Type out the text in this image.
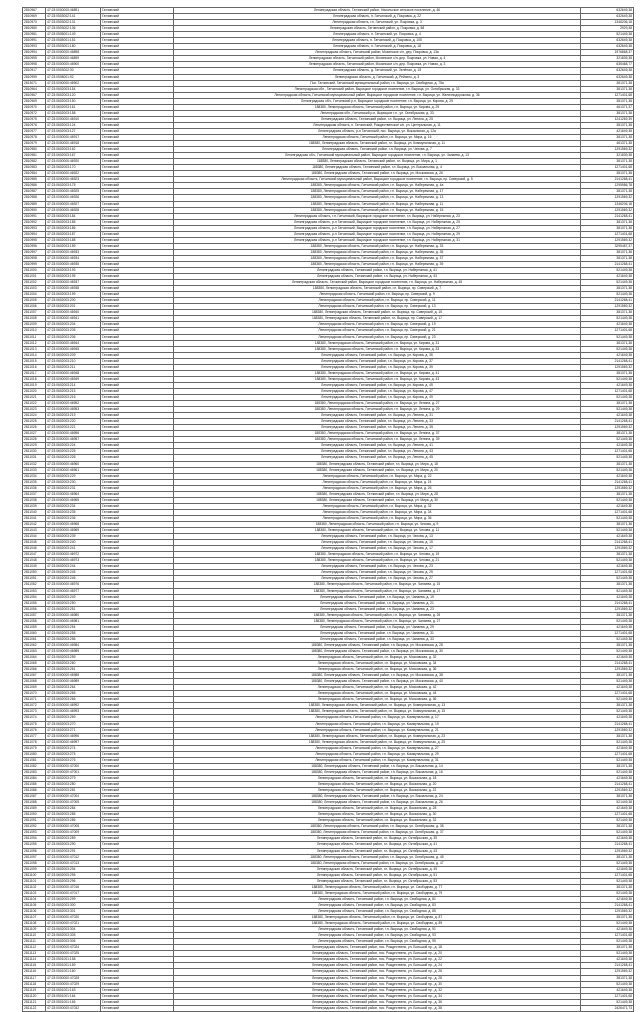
2810967	47:23:0000000:46891	Гатчинский	Ленинградская область, Гатчинский район, Никольское сельское поселение, д. 46	632649,38
2810969	47:23:0503002:141	Гатчинский	Ленинградская область, п. Гатчинский, д. Покровка, д. 22	632649,38
2810970	47:23:0503002:131	Гатчинский	Ленинградская область, г.п. Гатчинский, ул. Покровка, д. 3	1346206,18
2810980	47:23:0503002:136	Гатчинский	Ленинградская область, Гатчинский район, д. Покровка, д. 58	2929,38
2810981	47:23:0505001:149	Гатчинский	Ленинградская область, п. Гатчинский, ул. Покровка, д. 4	521449,38
2810991	47:23:0505001:151	Гатчинский	Ленинградская область, п. Гатчинский, д. Покровка, д. 105	632649,38
2810993	47:23:0503001:180	Гатчинский	Ленинградская область, п. Гатчинский, д. Покровка, д. 18	632649,38
2810994	47:23:0000000:46898	Гатчинский	Ленинградская область, Гатчинский район, Мозинское с/п, дер. Покровка, д. 13а	1976868,37
2810995	47:23:0000000:46899	Гатчинский	Ленинградская область, Гатчинский район, Мозинское с/п, дер. Покровка, ул. Новая, д. 4	321839,38
2810998	47:23:0000000:46900	Гатчинский	Ленинградская область, Гатчинский район, Мозинское с/п, дер. Покровка, ул. Новая, д. 3	635468,77
2810917	47:23:0503002:30	Гатчинский	Ленинградская область, д. Гатчинский, ул. Зелёная, д. 15	632649,38
2810999	47:23:0508001:92	Гатчинский	Ленинградская область, д. Гатчинский, д. Рейзино, д. 3	632649,38
2813071	47:23:0000000:46902	Гатчинский	Пос. Гатчинский, Гатчинский муниципальный район, г.п. Вырица, ул. Свободная, д. 75а	381371,38
2810964	47:23:0602003:154	Гатчинский	Ленинградская обл., Гатчинский район, Вырицкое городское поселение, г.п. Вырица, ул. Октябрьская, д. 33	381371,38
2810967	47:23:0602003:120	Гатчинский	Ленинградская область, Гатчинский муниципальный район, Вырицкое городское поселение, г.п. Вырица, ул. Железнодорожная, д. 36	1271401,68
2810969	47:23:0602003:150	Гатчинский	Ленинградская обл., Гатчинский р-н, Вырицкое городское поселение, г.п. Вырица, ул. Кирова, д. 29	381371,38
2810970	47:23:0602003:161	Гатчинский	188380, Ленинградская область, Гатчинский район, г.п. Вырица, ул. Кирова, д. 29	461371,37
2810972	47:23:0602003:158	Гатчинский	Ленинградская обл., Гатчинский р-н, Вырицкое г.п., ул. Октябрьская, д. 33	381371,38
2810975	47:23:0000000:46910	Гатчинский	Ленинградская область, Гатчинский район, г.п. Вырица, ул. Ленина, д. 25	1241269,39
2810976	47:23:0602003:124	Гатчинский	Ленинградская область, п. Гатчинский, Рождественское с/п, ул. Центральная, д. 11	381371,38
2810977	47:23:0602003:127	Гатчинский	Ленинградская область, р-н Гатчинский, пос. Вырица, ул. Вокзальная, д. 12а	421649,38
2810978	47:23:0000000:46917	Гатчинский	Ленинградская область, Гатчинский район, г.п. Вырица, ул. Мира, д. 16	381371,38
2810979	47:23:0000000:46918	Гатчинский	188380, Ленинградская область, Гатчинский район, г.п. Вырица, ул. Коммунальная, д. 11	461371,38
2810980	47:23:0602003:162	Гатчинский	Ленинградская область, Гатчинский район, г.п. Вырица, ул. Чехова, д. 7	1291569,32
2810981	47:23:0602003:167	Гатчинский	Ленинградская обл., Гатчинский муниципальный район, Вырицкое городское поселение, г.п. Вырица, ул. Чапаева, д. 13	321839,38
2810982	47:23:0000000:46920	Гатчинский	188380, Ленинградская область, Гатчинский район, г.п. Вырица, ул. Мира, д. 1	381371,38
2810983	47:23:0602003:170	Гатчинский	188380, Ленинградская область, Гатчинский район, г.п. Вырица, ул. Вокзальная, д. 4	1271401,68
2810984	47:23:0000000:46922	Гатчинский	188380, Ленинградская область, Гатчинский район, г.п. Вырица, ул. Московская, д. 26	381371,38
2810985	47:23:0000000:46923	Гатчинский	Ленинградская область, Гатчинский муниципальный район, Вырицкое городское поселение, г.п. Вырица, пр. Сиверский, д. 5	2141268,41
2810986	47:23:0602003:175	Гатчинский	188380, Ленинградская область, Гатчинский район, г.п. Вырица, ул. Набережная, д. 4а	1295986,78
2810987	47:23:0000000:46925	Гатчинский	188380, Ленинградская область, Гатчинский район, г.п. Вырица, ул. Набережная, д. 17	381371,38
2810988	47:23:0000000:46926	Гатчинский	188380, Ленинградская область, Гатчинский район, г.п. Вырица, ул. Набережная, д. 13	1291569,32
2810989	47:23:0000000:46927	Гатчинский	188380, Ленинградская область, Гатчинский район, г.п. Вырица, ул. Набережная, д. 11	1346206,18
2810990	47:23:0000000:46928	Гатчинский	188380, Ленинградская область, Гатчинский район, г.п. Вырица, ул. Набережная, д. 15	1291569,32
2810991	47:23:0602003:184	Гатчинский	Ленинградская область, г.п. Гатчинский, Вырицкое городское поселение, г.п. Вырица, ул. Набережная, д. 23	2141268,41
2810992	47:23:0602003:185	Гатчинский	Ленинградская область, р-н Гатчинский, Вырицкое городское поселение, г.п. Вырица, ул. Набережная, д. 25	381371,38
2810993	47:23:0602003:186	Гатчинский	Ленинградская область, р-н Гатчинский, Вырицкое городское поселение, г.п. Вырица, ул. Набережная, д. 27	381371,38
2810994	47:23:0602003:187	Гатчинский	Ленинградская область, р-н Гатчинский, Вырицкое городское поселение, г.п. Вырица, ул. Набережная, д. 29	1271401,68
2810995	47:23:0602003:188	Гатчинский	Ленинградская область, р-н Гатчинский, Вырицкое городское поселение, г.п. Вырица, ул. Набережная, д. 31	1291569,32
2810996	47:23:0602003:189	Гатчинский	188380, Ленинградская область, Гатчинский район, г.п. Вырица, ул. Набережная, д. 33	3295487,37
2810997	47:23:0000000:46933	Гатчинский	188380, Ленинградская область, Гатчинский район, г.п. Вырица, ул. Набережная, д. 35	381371,38
2810998	47:23:0000000:46934	Гатчинский	188380, Ленинградская область, Гатчинский район, г.п. Вырица, ул. Набережная, д. 37	381371,38
2810999	47:23:0000000:46935	Гатчинский	188380, Ленинградская область, Гатчинский район, г.п. Вырица, ул. Набережная, д. 39	2141268,41
2811000	47:23:0602003:193	Гатчинский	Ленинградская область, Гатчинский район, г.п. Вырица, ул. Набережная, д. 41	521449,38
2811001	47:23:0602003:195	Гатчинский	Ленинградская область, Гатчинский район, г.п. Вырица, ул. Набережная, д. 43	421649,38
2811002	47:23:0000000:46937	Гатчинский	Ленинградская область, Гатчинский район, Вырицкое городское поселение, г.п. Вырица, ул. Набережная, д. 45	521449,38
2811003	47:23:0000000:46938	Гатчинский	188380, Ленинградская область, Гатчинский район, г.п. Вырица, пр. Сиверский, д. 7	381371,38
2811004	47:23:0602003:199	Гатчинский	Ленинградская область, Гатчинский район, г.п. Вырица, пр. Сиверский, д. 9	521449,38
2811005	47:23:0602003:200	Гатчинский	Ленинградская область, Гатчинский район, г.п. Вырица, пр. Сиверский, д. 11	2141268,41
2811006	47:23:0602003:201	Гатчинский	Ленинградская область, Гатчинский район, г.п. Вырица, пр. Сиверский, д. 13	1291569,32
2811007	47:23:0000000:46940	Гатчинский	188380, Ленинградская область, Гатчинский район, г.п. Вырица, пр. Сиверский, д. 15	381371,38
2811008	47:23:0000000:46941	Гатчинский	188380, Ленинградская область, Гатчинский район, г.п. Вырица, пр. Сиверский, д. 17	521449,38
2811009	47:23:0602003:204	Гатчинский	Ленинградская область, Гатчинский район, г.п. Вырица, пр. Сиверский, д. 19	421649,38
2811010	47:23:0602003:205	Гатчинский	Ленинградская область, Гатчинский район, г.п. Вырица, пр. Сиверский, д. 21	1271401,68
2811011	47:23:0602003:206	Гатчинский	Ленинградская область, Гатчинский район, г.п. Вырица, пр. Сиверский, д. 23	521449,38
2811012	47:23:0000000:46944	Гатчинский	188380, Ленинградская область, Гатчинский район, г.п. Вырица, ул. Кирова, д. 31	381371,38
2811013	47:23:0000000:46945	Гатчинский	188380, Ленинградская область, Гатчинский район, г.п. Вырица, ул. Кирова, д. 33	521449,38
2811014	47:23:0602003:209	Гатчинский	Ленинградская область, Гатчинский район, г.п. Вырица, ул. Кирова, д. 35	421649,38
2811015	47:23:0602003:210	Гатчинский	Ленинградская область, Гатчинский район, г.п. Вырица, ул. Кирова, д. 37	2141268,41
2811016	47:23:0602003:211	Гатчинский	Ленинградская область, Гатчинский район, г.п. Вырица, ул. Кирова, д. 39	1291569,32
2811017	47:23:0000000:46948	Гатчинский	188380, Ленинградская область, Гатчинский район, г.п. Вырица, ул. Кирова, д. 41	381371,38
2811018	47:23:0000000:46949	Гатчинский	188380, Ленинградская область, Гатчинский район, г.п. Вырица, ул. Кирова, д. 43	521449,38
2811019	47:23:0602003:214	Гатчинский	Ленинградская область, Гатчинский район, г.п. Вырица, ул. Кирова, д. 45	421649,38
2811020	47:23:0602003:215	Гатчинский	Ленинградская область, Гатчинский район, г.п. Вырица, ул. Кирова, д. 47	1271401,68
2811021	47:23:0602003:216	Гатчинский	Ленинградская область, Гатчинский район, г.п. Вырица, ул. Кирова, д. 49	521449,38
2811022	47:23:0000000:46952	Гатчинский	188380, Ленинградская область, Гатчинский район, г.п. Вырица, ул. Ленина, д. 27	381371,38
2811023	47:23:0000000:46953	Гатчинский	188380, Ленинградская область, Гатчинский район, г.п. Вырица, ул. Ленина, д. 29	521449,38
2811024	47:23:0602003:219	Гатчинский	Ленинградская область, Гатчинский район, г.п. Вырица, ул. Ленина, д. 31	421649,38
2811025	47:23:0602003:220	Гатчинский	Ленинградская область, Гатчинский район, г.п. Вырица, ул. Ленина, д. 33	2141268,41
2811026	47:23:0602003:221	Гатчинский	Ленинградская область, Гатчинский район, г.п. Вырица, ул. Ленина, д. 35	1291569,32
2811027	47:23:0000000:46956	Гатчинский	188380, Ленинградская область, Гатчинский район, г.п. Вырица, ул. Ленина, д. 37	381371,38
2811028	47:23:0000000:46957	Гатчинский	188380, Ленинградская область, Гатчинский район, г.п. Вырица, ул. Ленина, д. 39	521449,38
2811029	47:23:0602003:224	Гатчинский	Ленинградская область, Гатчинский район, г.п. Вырица, ул. Ленина, д. 41	421649,38
2811030	47:23:0602003:225	Гатчинский	Ленинградская область, Гатчинский район, г.п. Вырица, ул. Ленина, д. 43	1271401,68
2811031	47:23:0602003:226	Гатчинский	Ленинградская область, Гатчинский район, г.п. Вырица, ул. Ленина, д. 45	521449,38
2811032	47:23:0000000:46960	Гатчинский	188380, Ленинградская область, Гатчинский район, г.п. Вырица, ул. Мира, д. 18	381371,38
2811033	47:23:0000000:46961	Гатчинский	188380, Ленинградская область, Гатчинский район, г.п. Вырица, ул. Мира, д. 20	521449,38
2811034	47:23:0602003:229	Гатчинский	Ленинградская область, Гатчинский район, г.п. Вырица, ул. Мира, д. 22	421649,38
2811035	47:23:0602003:230	Гатчинский	Ленинградская область, Гатчинский район, г.п. Вырица, ул. Мира, д. 24	2141268,41
2811036	47:23:0602003:231	Гатчинский	Ленинградская область, Гатчинский район, г.п. Вырица, ул. Мира, д. 26	1291569,32
2811037	47:23:0000000:46964	Гатчинский	188380, Ленинградская область, Гатчинский район, г.п. Вырица, ул. Мира, д. 28	381371,38
2811038	47:23:0000000:46965	Гатчинский	188380, Ленинградская область, Гатчинский район, г.п. Вырица, ул. Мира, д. 30	521449,38
2811039	47:23:0602003:234	Гатчинский	Ленинградская область, Гатчинский район, г.п. Вырица, ул. Мира, д. 32	421649,38
2811040	47:23:0602003:235	Гатчинский	Ленинградская область, Гатчинский район, г.п. Вырица, ул. Мира, д. 34	1271401,68
2811041	47:23:0602003:236	Гатчинский	Ленинградская область, Гатчинский район, г.п. Вырица, ул. Мира, д. 36	521449,38
2811042	47:23:0000000:46968	Гатчинский	188380, Ленинградская область, Гатчинский район, г.п. Вырица, ул. Чехова, д. 9	381371,38
2811043	47:23:0000000:46969	Гатчинский	188380, Ленинградская область, Гатчинский район, г.п. Вырица, ул. Чехова, д. 11	521449,38
2811044	47:23:0602003:239	Гатчинский	Ленинградская область, Гатчинский район, г.п. Вырица, ул. Чехова, д. 13	421649,38
2811045	47:23:0602003:240	Гатчинский	Ленинградская область, Гатчинский район, г.п. Вырица, ул. Чехова, д. 15	2141268,41
2811046	47:23:0602003:241	Гатчинский	Ленинградская область, Гатчинский район, г.п. Вырица, ул. Чехова, д. 17	1291569,32
2811047	47:23:0000000:46972	Гатчинский	188380, Ленинградская область, Гатчинский район, г.п. Вырица, ул. Чехова, д. 19	381371,38
2811048	47:23:0000000:46973	Гатчинский	188380, Ленинградская область, Гатчинский район, г.п. Вырица, ул. Чехова, д. 21	521449,38
2811049	47:23:0602003:244	Гатчинский	Ленинградская область, Гатчинский район, г.п. Вырица, ул. Чехова, д. 23	421649,38
2811050	47:23:0602003:245	Гатчинский	Ленинградская область, Гатчинский район, г.п. Вырица, ул. Чехова, д. 25	1271401,68
2811051	47:23:0602003:246	Гатчинский	Ленинградская область, Гатчинский район, г.п. Вырица, ул. Чехова, д. 27	521449,38
2811052	47:23:0000000:46976	Гатчинский	188380, Ленинградская область, Гатчинский район, г.п. Вырица, ул. Чапаева, д. 15	381371,38
2811053	47:23:0000000:46977	Гатчинский	188380, Ленинградская область, Гатчинский район, г.п. Вырица, ул. Чапаева, д. 17	521449,38
2811054	47:23:0602003:249	Гатчинский	Ленинградская область, Гатчинский район, г.п. Вырица, ул. Чапаева, д. 19	421649,38
2811055	47:23:0602003:250	Гатчинский	Ленинградская область, Гатчинский район, г.п. Вырица, ул. Чапаева, д. 21	2141268,41
2811056	47:23:0602003:251	Гатчинский	Ленинградская область, Гатчинский район, г.п. Вырица, ул. Чапаева, д. 23	1291569,32
2811057	47:23:0000000:46980	Гатчинский	188380, Ленинградская область, Гатчинский район, г.п. Вырица, ул. Чапаева, д. 25	381371,38
2811058	47:23:0000000:46981	Гатчинский	188380, Ленинградская область, Гатчинский район, г.п. Вырица, ул. Чапаева, д. 27	521449,38
2811059	47:23:0602003:254	Гатчинский	Ленинградская область, Гатчинский район, г.п. Вырица, ул. Чапаева, д. 29	421649,38
2811060	47:23:0602003:255	Гатчинский	Ленинградская область, Гатчинский район, г.п. Вырица, ул. Чапаева, д. 31	1271401,68
2811061	47:23:0602003:256	Гатчинский	Ленинградская область, Гатчинский район, г.п. Вырица, ул. Чапаева, д. 33	521449,38
2811062	47:23:0000000:46984	Гатчинский	188380, Ленинградская область, Гатчинский район, г.п. Вырица, ул. Московская, д. 28	381371,38
2811063	47:23:0000000:46985	Гатчинский	188380, Ленинградская область, Гатчинский район, г.п. Вырица, ул. Московская, д. 30	521449,38
2811064	47:23:0602003:259	Гатчинский	Ленинградская область, Гатчинский район, г.п. Вырица, ул. Московская, д. 32	421649,38
2811065	47:23:0602003:260	Гатчинский	Ленинградская область, Гатчинский район, г.п. Вырица, ул. Московская, д. 34	2141268,41
2811066	47:23:0602003:261	Гатчинский	Ленинградская область, Гатчинский район, г.п. Вырица, ул. Московская, д. 36	1291569,32
2811067	47:23:0000000:46988	Гатчинский	188380, Ленинградская область, Гатчинский район, г.п. Вырица, ул. Московская, д. 38	381371,38
2811068	47:23:0000000:46989	Гатчинский	188380, Ленинградская область, Гатчинский район, г.п. Вырица, ул. Московская, д. 40	521449,38
2811069	47:23:0602003:264	Гатчинский	Ленинградская область, Гатчинский район, г.п. Вырица, ул. Московская, д. 42	421649,38
2811070	47:23:0602003:265	Гатчинский	Ленинградская область, Гатчинский район, г.п. Вырица, ул. Московская, д. 44	1271401,68
2811071	47:23:0602003:266	Гатчинский	Ленинградская область, Гатчинский район, г.п. Вырица, ул. Московская, д. 46	521449,38
2811072	47:23:0000000:46992	Гатчинский	188380, Ленинградская область, Гатчинский район, г.п. Вырица, ул. Коммунальная, д. 13	381371,38
2811073	47:23:0000000:46993	Гатчинский	188380, Ленинградская область, Гатчинский район, г.п. Вырица, ул. Коммунальная, д. 15	521449,38
2811074	47:23:0602003:269	Гатчинский	Ленинградская область, Гатчинский район, г.п. Вырица, ул. Коммунальная, д. 17	421649,38
2811075	47:23:0602003:270	Гатчинский	Ленинградская область, Гатчинский район, г.п. Вырица, ул. Коммунальная, д. 19	2141268,41
2811076	47:23:0602003:271	Гатчинский	Ленинградская область, Гатчинский район, г.п. Вырица, ул. Коммунальная, д. 21	1291569,32
2811077	47:23:0000000:46996	Гатчинский	188380, Ленинградская область, Гатчинский район, г.п. Вырица, ул. Коммунальная, д. 23	381371,38
2811078	47:23:0000000:46997	Гатчинский	188380, Ленинградская область, Гатчинский район, г.п. Вырица, ул. Коммунальная, д. 25	521449,38
2811079	47:23:0602003:274	Гатчинский	Ленинградская область, Гатчинский район, г.п. Вырица, ул. Коммунальная, д. 27	421649,38
2811080	47:23:0602003:275	Гатчинский	Ленинградская область, Гатчинский район, г.п. Вырица, ул. Коммунальная, д. 29	1271401,68
2811081	47:23:0602003:276	Гатчинский	Ленинградская область, Гатчинский район, г.п. Вырица, ул. Коммунальная, д. 31	521449,38
2811082	47:23:0000000:47000	Гатчинский	188380, Ленинградская область, Гатчинский район, г.п. Вырица, ул. Вокзальная, д. 14	381371,38
2811083	47:23:0000000:47001	Гатчинский	188380, Ленинградская область, Гатчинский район, г.п. Вырица, ул. Вокзальная, д. 16	521449,38
2811084	47:23:0602003:279	Гатчинский	Ленинградская область, Гатчинский район, г.п. Вырица, ул. Вокзальная, д. 18	421649,38
2811085	47:23:0602003:280	Гатчинский	Ленинградская область, Гатчинский район, г.п. Вырица, ул. Вокзальная, д. 20	2141268,41
2811086	47:23:0602003:281	Гатчинский	Ленинградская область, Гатчинский район, г.п. Вырица, ул. Вокзальная, д. 22	1291569,32
2811087	47:23:0000000:47004	Гатчинский	188380, Ленинградская область, Гатчинский район, г.п. Вырица, ул. Вокзальная, д. 24	381371,38
2811088	47:23:0000000:47005	Гатчинский	188380, Ленинградская область, Гатчинский район, г.п. Вырица, ул. Вокзальная, д. 26	521449,38
2811089	47:23:0602003:284	Гатчинский	Ленинградская область, Гатчинский район, г.п. Вырица, ул. Вокзальная, д. 28	421649,38
2811090	47:23:0602003:285	Гатчинский	Ленинградская область, Гатчинский район, г.п. Вырица, ул. Вокзальная, д. 30	1271401,68
2811091	47:23:0602003:286	Гатчинский	Ленинградская область, Гатчинский район, г.п. Вырица, ул. Вокзальная, д. 32	521449,38
2811092	47:23:0000000:47008	Гатчинский	188380, Ленинградская область, Гатчинский район, г.п. Вырица, ул. Октябрьская, д. 35	381371,38
2811093	47:23:0000000:47009	Гатчинский	188380, Ленинградская область, Гатчинский район, г.п. Вырица, ул. Октябрьская, д. 37	521449,38
2811094	47:23:0602003:289	Гатчинский	Ленинградская область, Гатчинский район, г.п. Вырица, ул. Октябрьская, д. 39	421649,38
2811095	47:23:0602003:290	Гатчинский	Ленинградская область, Гатчинский район, г.п. Вырица, ул. Октябрьская, д. 41	2141268,41
2811096	47:23:0602003:291	Гатчинский	Ленинградская область, Гатчинский район, г.п. Вырица, ул. Октябрьская, д. 43	1291569,32
2811097	47:23:0000000:47012	Гатчинский	188380, Ленинградская область, Гатчинский район, г.п. Вырица, ул. Октябрьская, д. 45	381371,38
2811098	47:23:0000000:47013	Гатчинский	188380, Ленинградская область, Гатчинский район, г.п. Вырица, ул. Октябрьская, д. 47	521449,38
2811099	47:23:0602003:294	Гатчинский	Ленинградская область, Гатчинский район, г.п. Вырица, ул. Октябрьская, д. 49	421649,38
2811100	47:23:0602003:295	Гатчинский	Ленинградская область, Гатчинский район, г.п. Вырица, ул. Октябрьская, д. 51	1271401,68
2811101	47:23:0602003:296	Гатчинский	Ленинградская область, Гатчинский район, г.п. Вырица, ул. Октябрьская, д. 53	521449,38
2811102	47:23:0000000:47016	Гатчинский	188380, Ленинградская область, Гатчинский район, г.п. Вырица, ул. Свободная, д. 77	381371,38
2811103	47:23:0000000:47017	Гатчинский	188380, Ленинградская область, Гатчинский район, г.п. Вырица, ул. Свободная, д. 79	521449,38
2811104	47:23:0602003:299	Гатчинский	Ленинградская область, Гатчинский район, г.п. Вырица, ул. Свободная, д. 81	421649,38
2811105	47:23:0602003:300	Гатчинский	Ленинградская область, Гатчинский район, г.п. Вырица, ул. Свободная, д. 83	2141268,41
2811106	47:23:0602003:301	Гатчинский	Ленинградская область, Гатчинский район, г.п. Вырица, ул. Свободная, д. 85	1291569,32
2811107	47:23:0000000:47020	Гатчинский	188380, Ленинградская область, Гатчинский район, г.п. Вырица, ул. Свободная, д. 87	381371,38
2811108	47:23:0000000:47021	Гатчинский	188380, Ленинградская область, Гатчинский район, г.п. Вырица, ул. Свободная, д. 89	521449,38
2811109	47:23:0602003:304	Гатчинский	Ленинградская область, Гатчинский район, г.п. Вырица, ул. Свободная, д. 91	421649,38
2811110	47:23:0602003:305	Гатчинский	Ленинградская область, Гатчинский район, г.п. Вырица, ул. Свободная, д. 93	1271401,68
2811111	47:23:0602003:306	Гатчинский	Ленинградская область, Гатчинский район, г.п. Вырица, ул. Свободная, д. 95	521449,38
2811112	47:23:0000000:47024	Гатчинский	Ленинградская область, Гатчинский район, пос. Рождествено, ул. Большой пр., д. 18	381371,38
2811113	47:23:0000000:47025	Гатчинский	Ленинградская область, Гатчинский район, пос. Рождествено, ул. Большой пр., д. 20	521449,38
2811114	47:23:0501001:158	Гатчинский	Ленинградская область, Гатчинский район, пос. Рождествено, ул. Большой пр., д. 22	421649,38
2811115	47:23:0501001:159	Гатчинский	Ленинградская область, Гатчинский район, пос. Рождествено, ул. Большой пр., д. 24	2141268,41
2811116	47:23:0501001:160	Гатчинский	Ленинградская область, Гатчинский район, пос. Рождествено, ул. Большой пр., д. 26	1291569,32
2811117	47:23:0000000:47028	Гатчинский	Ленинградская область, Гатчинский район, пос. Рождествено, ул. Большой пр., д. 28	381371,38
2811118	47:23:0000000:47029	Гатчинский	Ленинградская область, Гатчинский район, пос. Рождествено, ул. Большой пр., д. 30	521449,38
2811119	47:23:0501001:163	Гатчинский	Ленинградская область, Гатчинский район, пос. Рождествено, ул. Большой пр., д. 32	421649,38
2811120	47:23:0501001:164	Гатчинский	Ленинградская область, Гатчинский район, пос. Рождествено, ул. Большой пр., д. 34	1271401,68
2811121	47:23:0501001:165	Гатчинский	Ленинградская область, Гатчинский район, пос. Рождествено, ул. Большой пр., д. 36	521449,38
2811122	47:23:0000000:47032	Гатчинский	Ленинградская область, Гатчинский район, пос. Рождествено, ул. Большой пр., д. 38	2426471,73
